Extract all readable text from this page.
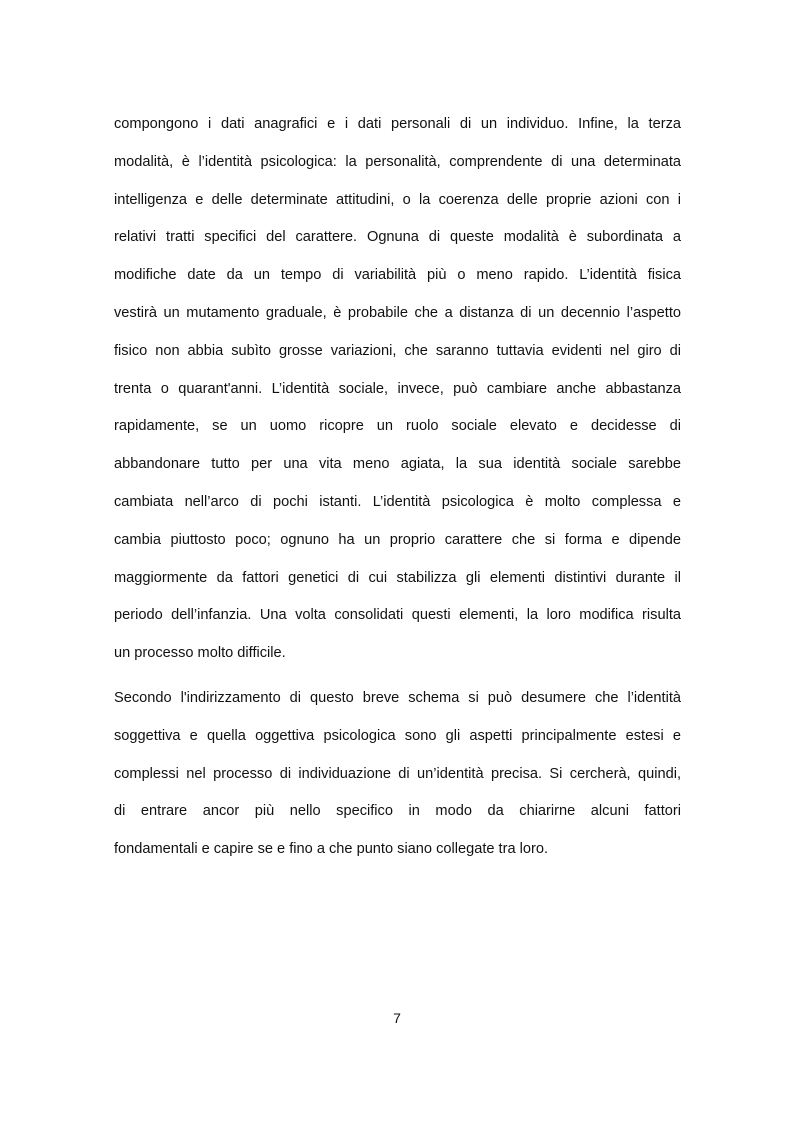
compongono i dati anagrafici e i dati personali di un individuo. Infine, la terza
modalità, è l’identità psicologica: la personalità, comprendente di una determinata
intelligenza e delle determinate attitudini, o la coerenza delle proprie azioni con i
relativi tratti specifici del carattere. Ognuna di queste modalità è subordinata a
modifiche date da un tempo di variabilità più o meno rapido. L’identità fisica
vestirà un mutamento graduale, è probabile che a distanza di un decennio l’aspetto
fisico non abbia subìto grosse variazioni, che saranno tuttavia evidenti nel giro di
trenta o quarant'anni. L’identità sociale, invece, può cambiare anche abbastanza
rapidamente, se un uomo ricopre un ruolo sociale elevato e decidesse di
abbandonare tutto per una vita meno agiata, la sua identità sociale sarebbe
cambiata nell’arco di pochi istanti. L’identità psicologica è molto complessa e
cambia piuttosto poco; ognuno ha un proprio carattere che si forma e dipende
maggiormente da fattori genetici di cui stabilizza gli elementi distintivi durante il
periodo dell’infanzia. Una volta consolidati questi elementi, la loro modifica risulta
un processo molto difficile.
Secondo l'indirizzamento di questo breve schema si può desumere che l’identità
soggettiva e quella oggettiva psicologica sono gli aspetti principalmente estesi e
complessi nel processo di individuazione di un’identità precisa. Si cercherà, quindi,
di entrare ancor più nello specifico in modo da chiarirne alcuni fattori
fondamentali e capire se e fino a che punto siano collegate tra loro.
7
